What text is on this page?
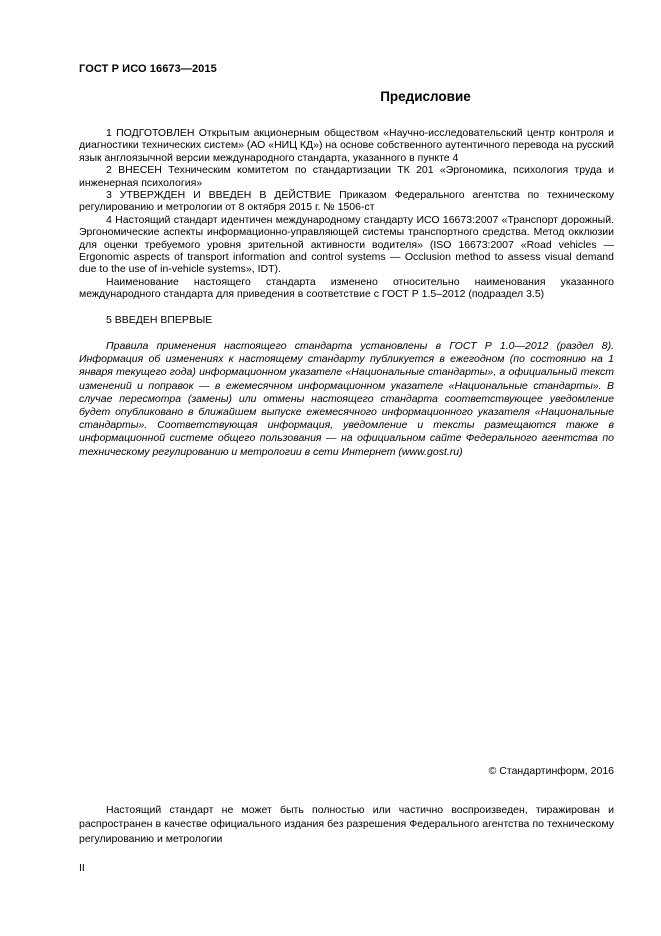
ГОСТ Р ИСО 16673—2015
Предисловие

1 ПОДГОТОВЛЕН Открытым акционерным обществом «Научно-исследовательский центр контроля и диагностики технических систем» (АО «НИЦ КД») на основе собственного аутентичного перевода на русский язык англоязычной версии международного стандарта, указанного в пункте 4

2 ВНЕСЕН Техническим комитетом по стандартизации ТК 201 «Эргономика, психология труда и инженерная психология»

3 УТВЕРЖДЕН И ВВЕДЕН В ДЕЙСТВИЕ Приказом Федерального агентства по техническому регулированию и метрологии от 8 октября 2015 г. № 1506-ст

4 Настоящий стандарт идентичен международному стандарту ИСО 16673:2007 «Транспорт дорожный. Эргономические аспекты информационно-управляющей системы транспортного средства. Метод окклюзии для оценки требуемого уровня зрительной активности водителя» (ISO 16673:2007 «Road vehicles — Ergonomic aspects of transport information and control systems — Occlusion method to assess visual demand due to the use of in-vehicle systems», IDT).

Наименование настоящего стандарта изменено относительно наименования указанного международного стандарта для приведения в соответствие с ГОСТ Р 1.5–2012 (подраздел 3.5)

5 ВВЕДЕН ВПЕРВЫЕ

Правила применения настоящего стандарта установлены в ГОСТ Р 1.0—2012 (раздел 8). Информация об изменениях к настоящему стандарту публикуется в ежегодном (по состоянию на 1 января текущего года) информационном указателе «Национальные стандарты», а официальный текст изменений и поправок — в ежемесячном информационном указателе «Национальные стандарты». В случае пересмотра (замены) или отмены настоящего стандарта соответствующее уведомление будет опубликовано в ближайшем выпуске ежемесячного информационного указателя «Национальные стандарты». Соответствующая информация, уведомление и тексты размещаются также в информационной системе общего пользования — на официальном сайте Федерального агентства по техническому регулированию и метрологии в сети Интернет (www.gost.ru)

© Стандартинформ, 2016

Настоящий стандарт не может быть полностью или частично воспроизведен, тиражирован и распространен в качестве официального издания без разрешения Федерального агентства по техническому регулированию и метрологии

II
